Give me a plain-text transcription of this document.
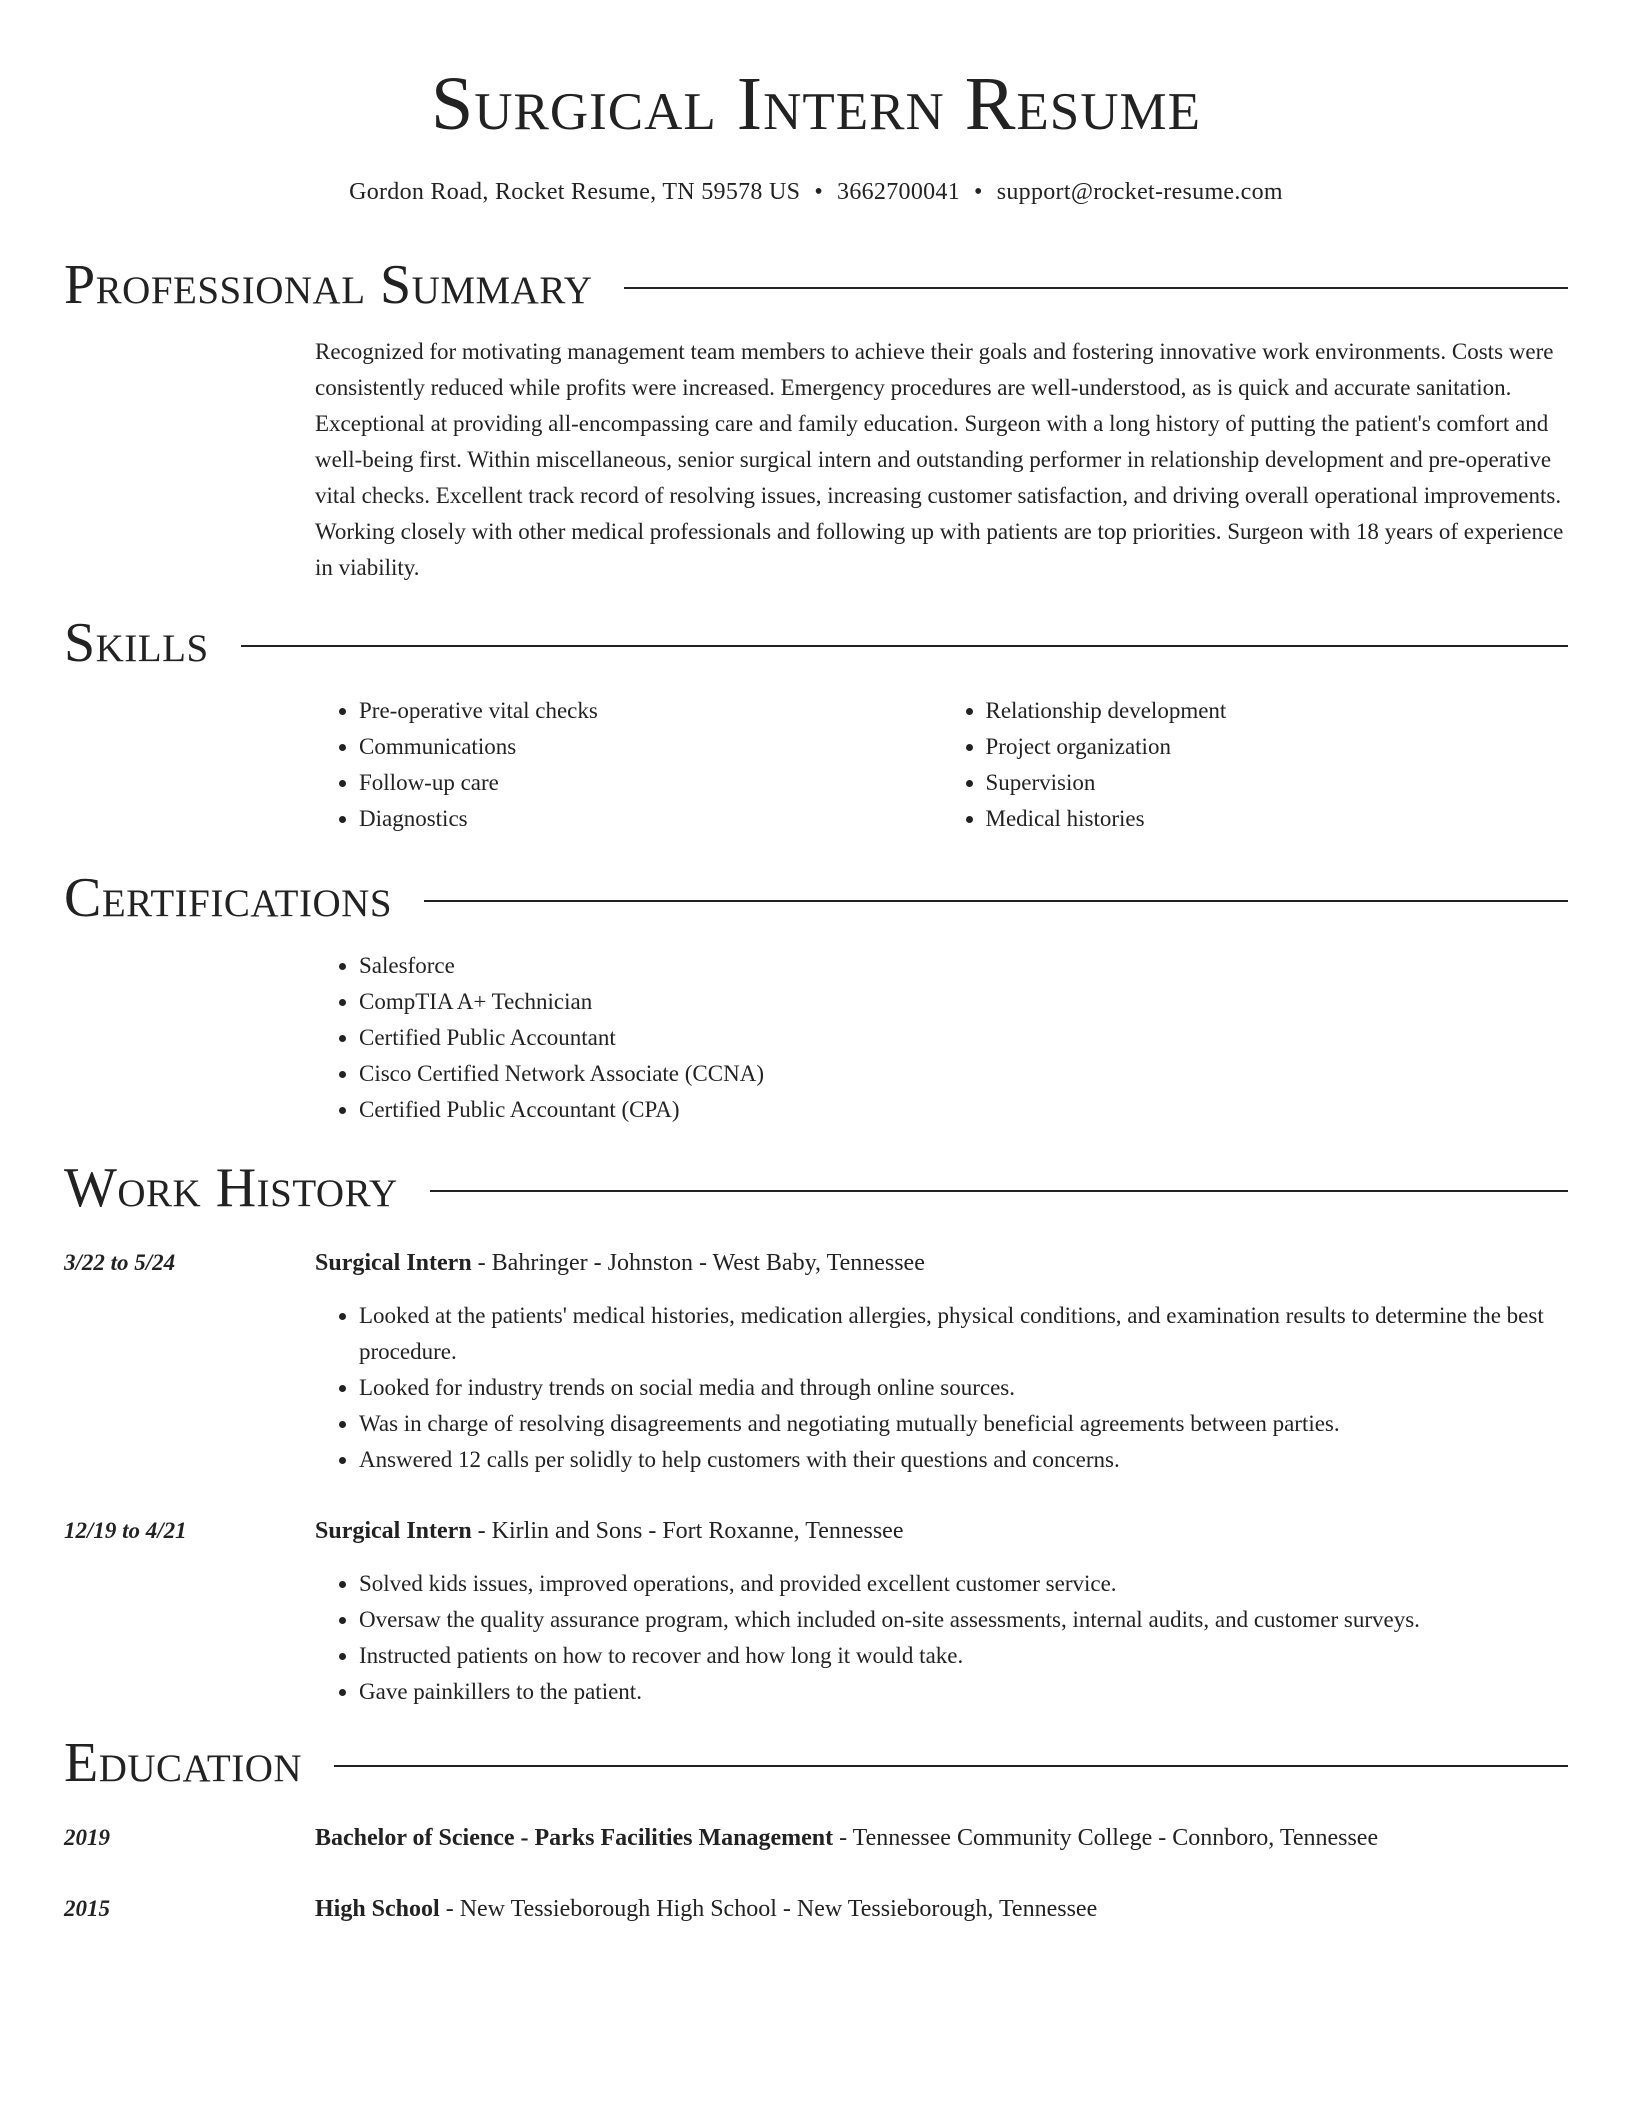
Surgical Intern Resume
Gordon Road, Rocket Resume, TN 59578 US • 3662700041 • support@rocket-resume.com
Professional Summary

Recognized for motivating management team members to achieve their goals and fostering innovative work environments. Costs were consistently reduced while profits were increased. Emergency procedures are well-understood, as is quick and accurate sanitation. Exceptional at providing all-encompassing care and family education. Surgeon with a long history of putting the patient's comfort and well-being first. Within miscellaneous, senior surgical intern and outstanding performer in relationship development and pre-operative vital checks. Excellent track record of resolving issues, increasing customer satisfaction, and driving overall operational improvements. Working closely with other medical professionals and following up with patients are top priorities. Surgeon with 18 years of experience in viability.

Skills
• Pre-operative vital checks
• Communications
• Follow-up care
• Diagnostics
• Relationship development
• Project organization
• Supervision
• Medical histories
Certifications
• Salesforce
• CompTIA A+ Technician
• Certified Public Accountant
• Cisco Certified Network Associate (CCNA)
• Certified Public Accountant (CPA)
Work History
3/22 to 5/24	Surgical Intern - Bahringer - Johnston - West Baby, Tennessee
• Looked at the patients' medical histories, medication allergies, physical conditions, and examination results to determine the best procedure.
• Looked for industry trends on social media and through online sources.
• Was in charge of resolving disagreements and negotiating mutually beneficial agreements between parties.
• Answered 12 calls per solidly to help customers with their questions and concerns.
12/19 to 4/21	Surgical Intern - Kirlin and Sons - Fort Roxanne, Tennessee
• Solved kids issues, improved operations, and provided excellent customer service.
• Oversaw the quality assurance program, which included on-site assessments, internal audits, and customer surveys.
• Instructed patients on how to recover and how long it would take.
• Gave painkillers to the patient.
Education
2019	Bachelor of Science - Parks Facilities Management - Tennessee Community College - Connboro, Tennessee
2015	High School - New Tessieborough High School - New Tessieborough, Tennessee
